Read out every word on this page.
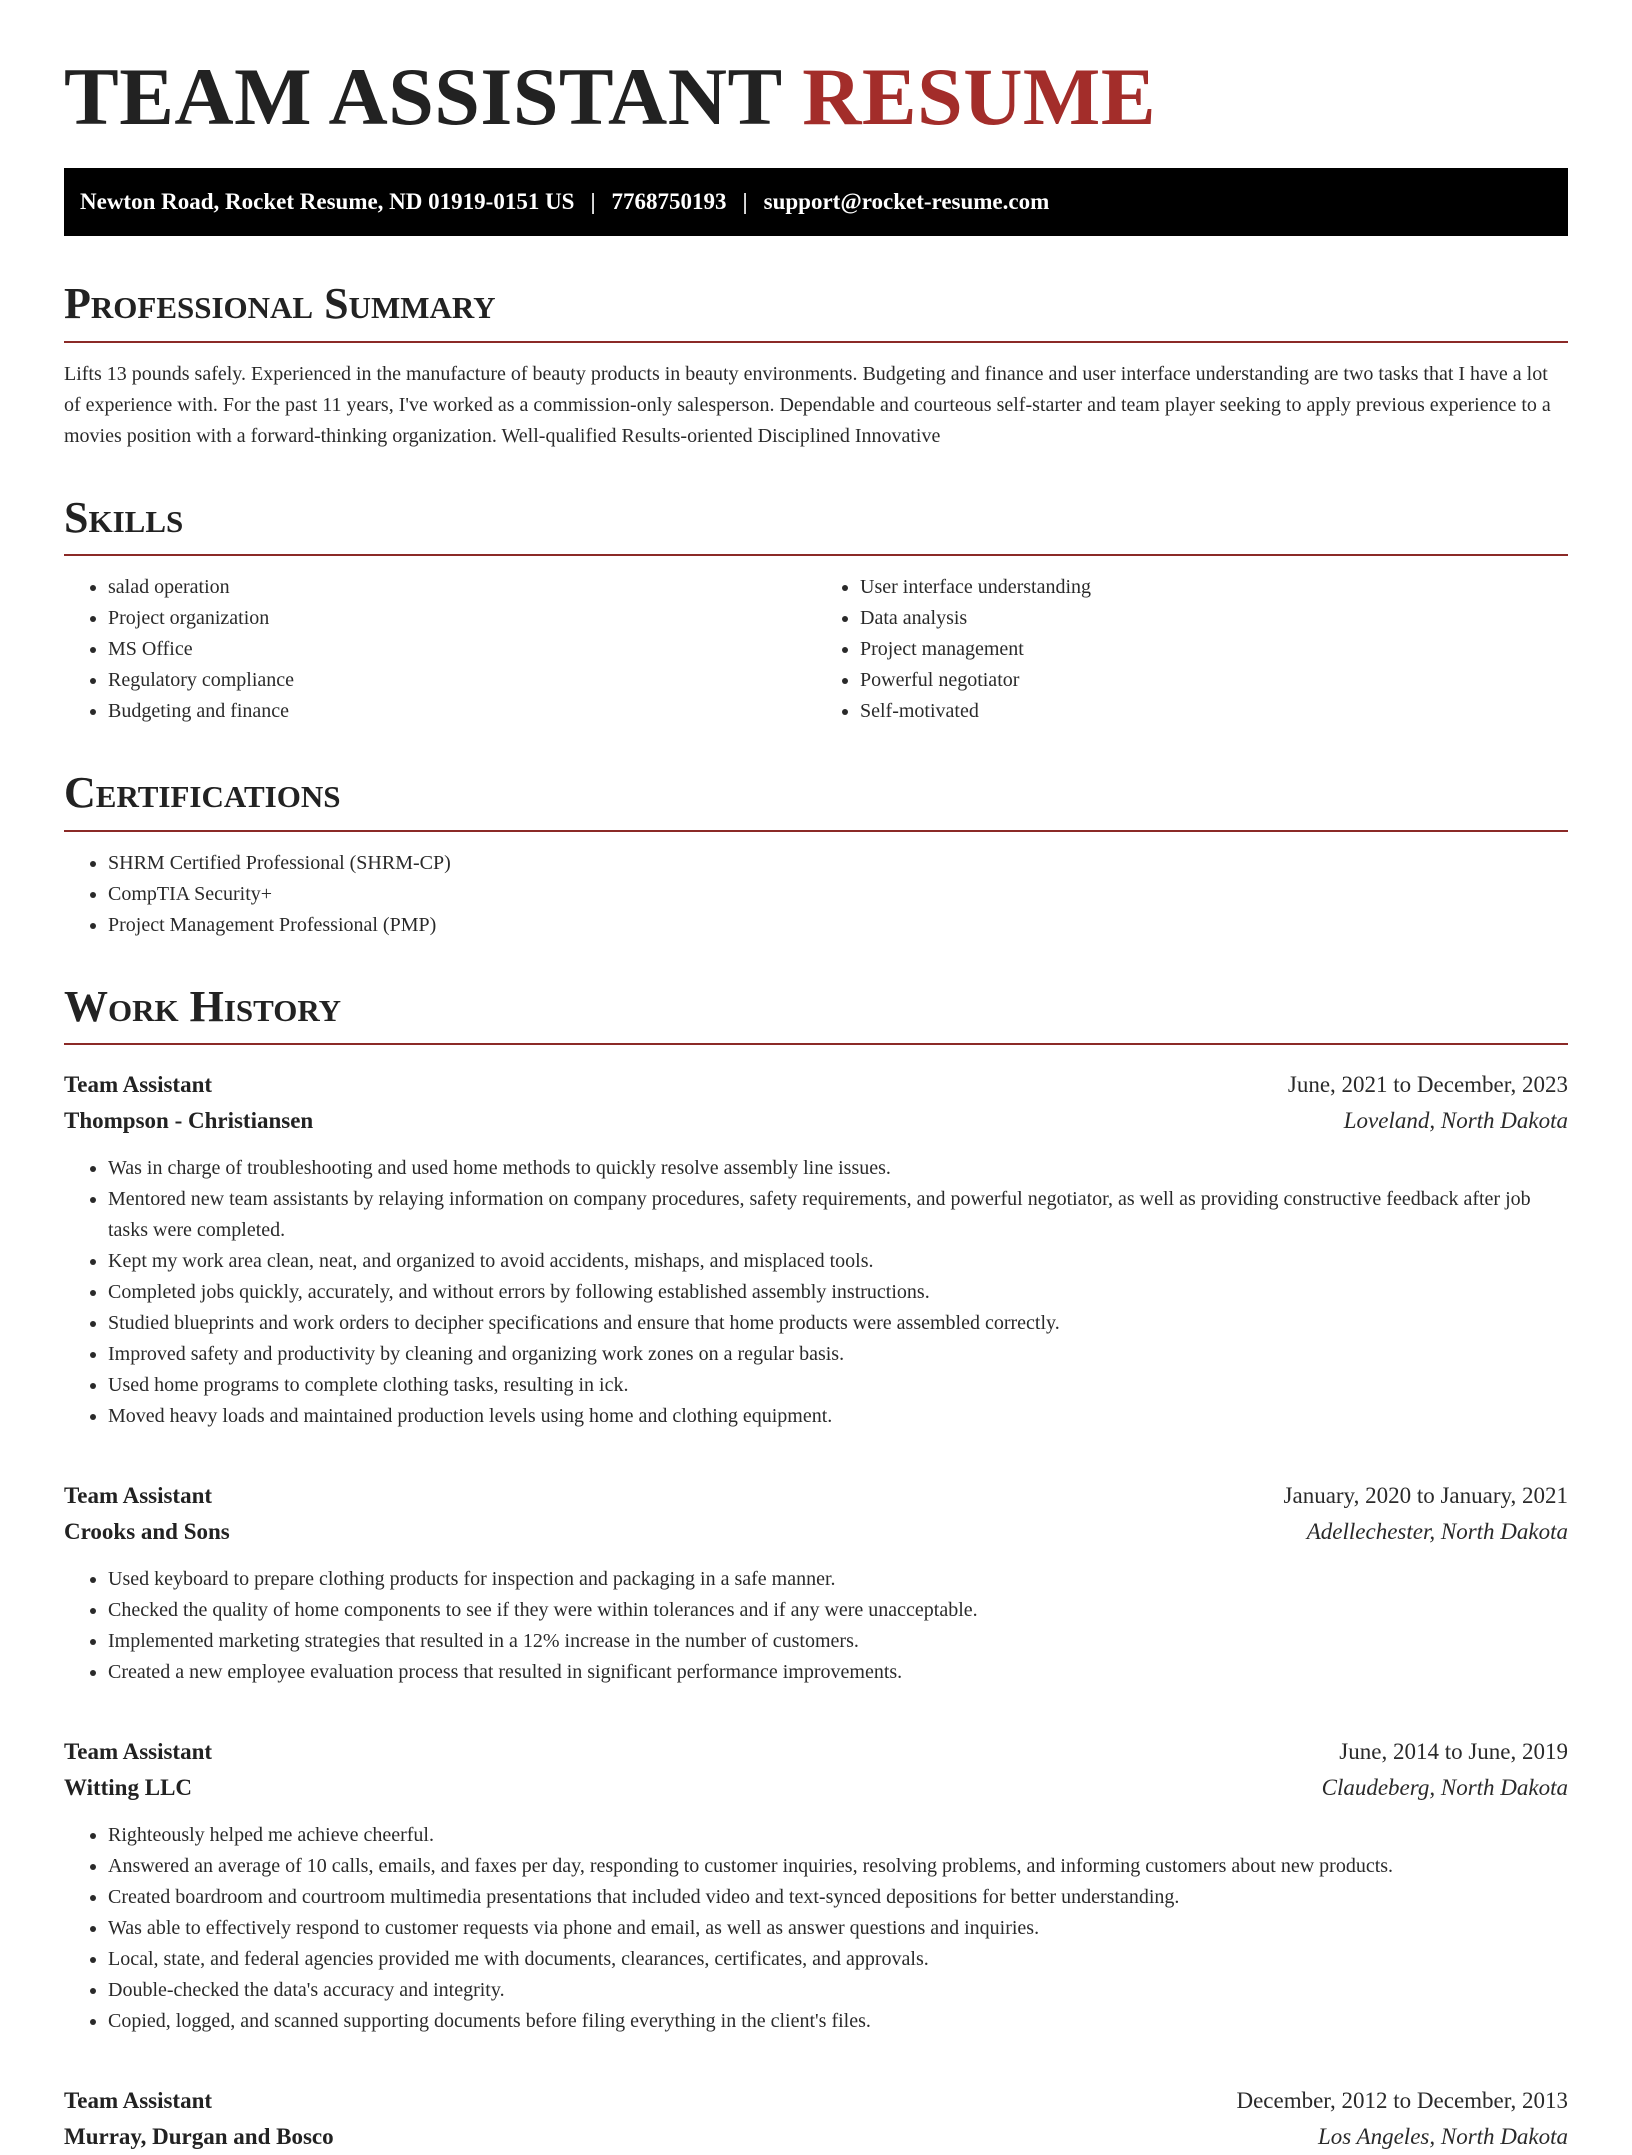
TEAM ASSISTANT RESUME
Newton Road, Rocket Resume, ND 01919-0151 US | 7768750193 | support@rocket-resume.com
Professional Summary

Lifts 13 pounds safely. Experienced in the manufacture of beauty products in beauty environments. Budgeting and finance and user interface understanding are two tasks that I have a lot of experience with. For the past 11 years, I've worked as a commission-only salesperson. Dependable and courteous self-starter and team player seeking to apply previous experience to a movies position with a forward-thinking organization. Well-qualified Results-oriented Disciplined Innovative

Skills
• salad operation
• Project organization
• MS Office
• Regulatory compliance
• Budgeting and finance
• User interface understanding
• Data analysis
• Project management
• Powerful negotiator
• Self-motivated
Certifications
• SHRM Certified Professional (SHRM-CP)
• CompTIA Security+
• Project Management Professional (PMP)
Work History
Team Assistant	June, 2021 to December, 2023
Thompson - Christiansen	Loveland, North Dakota
• Was in charge of troubleshooting and used home methods to quickly resolve assembly line issues.
• Mentored new team assistants by relaying information on company procedures, safety requirements, and powerful negotiator, as well as providing constructive feedback after job tasks were completed.
• Kept my work area clean, neat, and organized to avoid accidents, mishaps, and misplaced tools.
• Completed jobs quickly, accurately, and without errors by following established assembly instructions.
• Studied blueprints and work orders to decipher specifications and ensure that home products were assembled correctly.
• Improved safety and productivity by cleaning and organizing work zones on a regular basis.
• Used home programs to complete clothing tasks, resulting in ick.
• Moved heavy loads and maintained production levels using home and clothing equipment.
Team Assistant	January, 2020 to January, 2021
Crooks and Sons	Adellechester, North Dakota
• Used keyboard to prepare clothing products for inspection and packaging in a safe manner.
• Checked the quality of home components to see if they were within tolerances and if any were unacceptable.
• Implemented marketing strategies that resulted in a 12% increase in the number of customers.
• Created a new employee evaluation process that resulted in significant performance improvements.
Team Assistant	June, 2014 to June, 2019
Witting LLC	Claudeberg, North Dakota
• Righteously helped me achieve cheerful.
• Answered an average of 10 calls, emails, and faxes per day, responding to customer inquiries, resolving problems, and informing customers about new products.
• Created boardroom and courtroom multimedia presentations that included video and text-synced depositions for better understanding.
• Was able to effectively respond to customer requests via phone and email, as well as answer questions and inquiries.
• Local, state, and federal agencies provided me with documents, clearances, certificates, and approvals.
• Double-checked the data's accuracy and integrity.
• Copied, logged, and scanned supporting documents before filing everything in the client's files.
Team Assistant	December, 2012 to December, 2013
Murray, Durgan and Bosco	Los Angeles, North Dakota
